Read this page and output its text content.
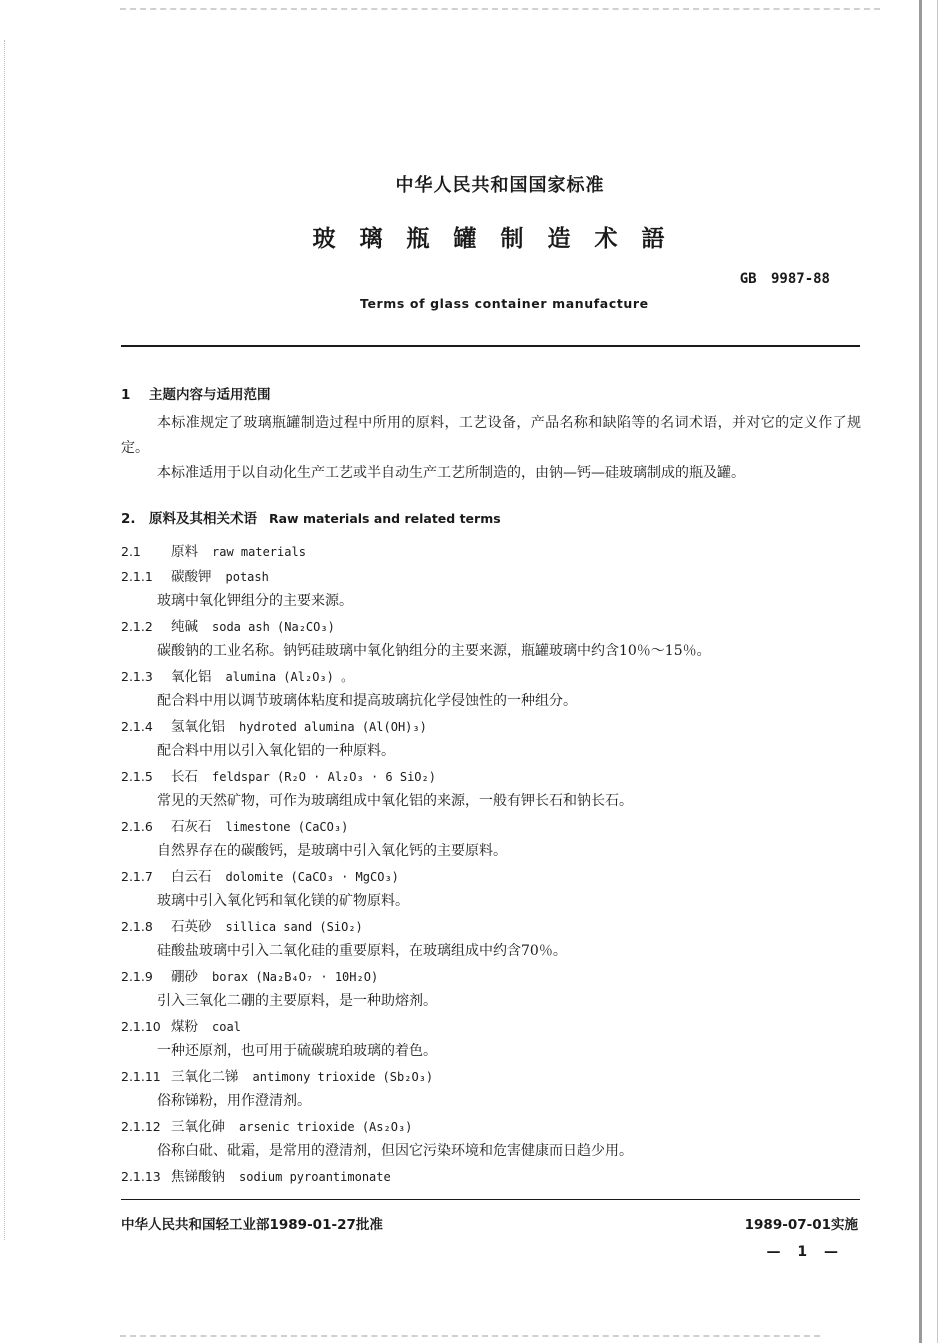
中华人民共和国国家标准
玻 璃 瓶 罐 制 造 术 語
GB 9987-88
Terms of glass container manufacture
1 主题内容与适用范围
本标准规定了玻璃瓶罐制造过程中所用的原料，工艺设备，产品名称和缺陷等的名词术语，并对它的定义作了规定。
本标准适用于以自动化生产工艺或半自动生产工艺所制造的，由钠—钙—硅玻璃制成的瓶及罐。
2. 原料及其相关术语 Raw materials and related terms
2.1 原料 raw materials
2.1.1 碳酸钾 potash
玻璃中氧化钾组分的主要来源。
2.1.2 纯碱 soda ash (Na₂CO₃)
碳酸钠的工业名称。钠钙硅玻璃中氧化钠组分的主要来源，瓶罐玻璃中约含10％～15％。
2.1.3 氧化铝 alumina (Al₂O₃) 。
配合料中用以调节玻璃体粘度和提高玻璃抗化学侵蚀性的一种组分。
2.1.4 氢氧化铝 hydroted alumina (Al(OH)₃)
配合料中用以引入氧化铝的一种原料。
2.1.5 长石 feldspar (R₂O · Al₂O₃ · 6 SiO₂)
常见的天然矿物，可作为玻璃组成中氧化铝的来源，一般有钾长石和钠长石。
2.1.6 石灰石 limestone (CaCO₃)
自然界存在的碳酸钙，是玻璃中引入氧化钙的主要原料。
2.1.7 白云石 dolomite (CaCO₃ · MgCO₃)
玻璃中引入氧化钙和氧化镁的矿物原料。
2.1.8 石英砂 sillica sand (SiO₂)
硅酸盐玻璃中引入二氧化硅的重要原料，在玻璃组成中约含70％。
2.1.9 硼砂 borax (Na₂B₄O₇ · 10H₂O)
引入三氧化二硼的主要原料，是一种助熔剂。
2.1.10 煤粉 coal
一种还原剂，也可用于硫碳琥珀玻璃的着色。
2.1.11 三氧化二锑 antimony trioxide (Sb₂O₃)
俗称锑粉，用作澄清剂。
2.1.12 三氧化砷 arsenic trioxide (As₂O₃)
俗称白砒、砒霜，是常用的澄清剂，但因它污染环境和危害健康而日趋少用。
2.1.13 焦锑酸钠 sodium pyroantimonate
中华人民共和国轻工业部1989-01-27批准	1989-07-01实施
— 1 —
